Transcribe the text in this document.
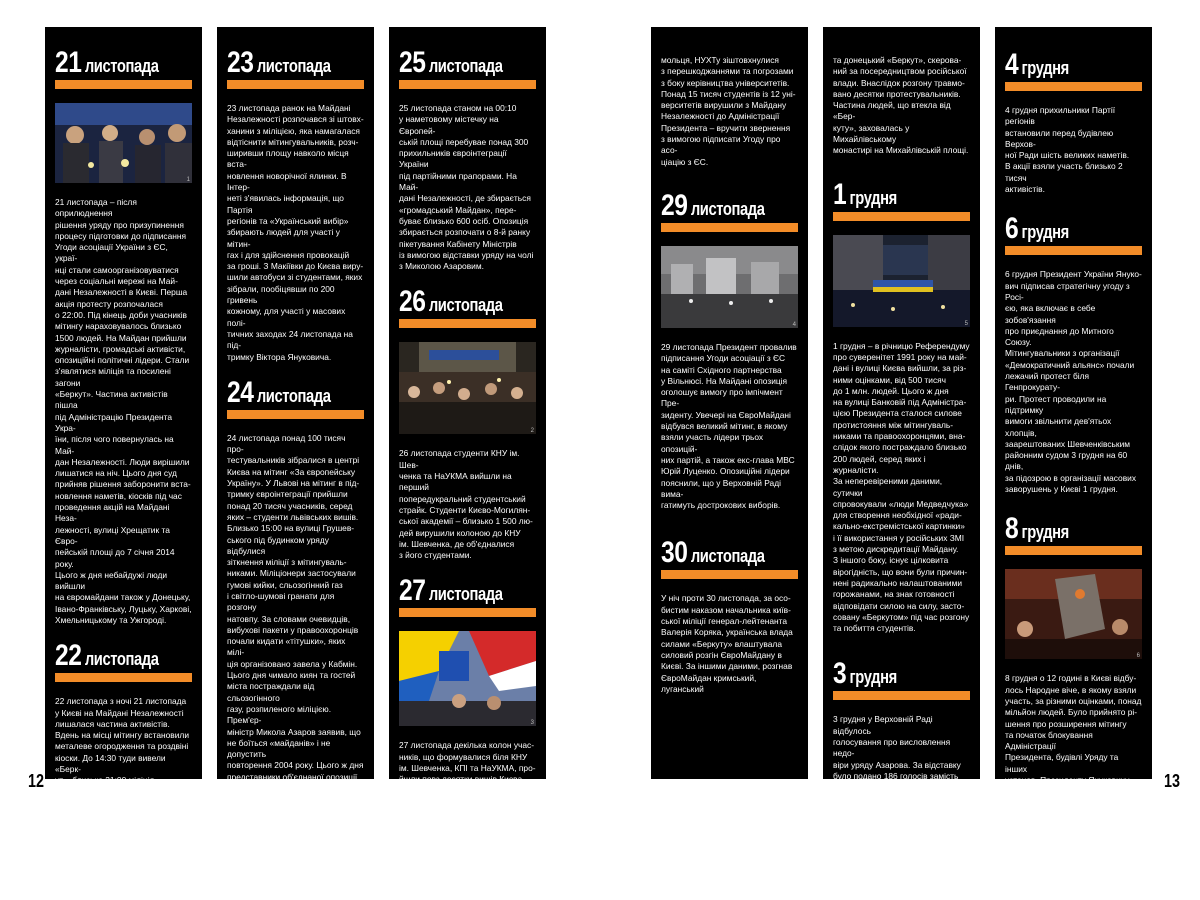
21 листопада
1

21 листопада – після оприлюднення
рішення уряду про призупинення
процесу підготовки до підписання
Угоди асоціації України з ЄС, украї-
нці стали самоорганізовуватися
через соціальні мережі на Май-
дані Незалежності в Києві. Перша
акція протесту розпочалася
о 22:00. Під кінець доби учасників
мітингу нараховувалось близько
1500 людей. На Майдан прийшли
журналісти, громадські активісти,
опозиційні політичні лідери. Стали
з'являтися міліція та посилені загони
«Беркут». Частина активістів пішла
під Адміністрацію Президента Укра-
їни, після чого повернулась на Май-
дан Незалежності. Люди вирішили
лишатися на ніч. Цього дня суд
прийняв рішення заборонити вста-
новлення наметів, кіосків під час
проведення акцій на Майдані Неза-
лежності, вулиці Хрещатик та Євро-
пейській площі до 7 січня 2014 року.
Цього ж дня небайдужі люди вийшли
на євромайдани також у Донецьку,
Івано-Франківську, Луцьку, Харкові,
Хмельницькому та Ужгороді.

22 листопада

22 листопада з ночі 21 листопада
у Києві на Майдані Незалежності
лишалася частина активістів.
Вдень на місці мітингу встановили
металеве огородження та роздвіні
кіоски. До 14:30 туди вивели «Берк-
ут», близько 21:00 міліція перешко-
дила спробі активістів встановити
намети, через що відбулися сутички.
Увечері відбувся мітинг, на який
зібралося близько 5 тисяч людей.
Цього дня євромайдани відбулися
також у Одесі, Вінниці, Миколаєві,
Донецьку, Кривому Розі, Сумах,
Харкові та Чернівцях.

23 листопада

23 листопада ранок на Майдані
Незалежності розпочався зі штовх-
ханини з міліцією, яка намагалася
відтіснити мітингувальників, розч-
ширивши площу навколо місця вста-
новлення новорічної ялинки. В Інтер-
неті з'явилась інформація, що Партія
регіонів та «Український вибір»
збирають людей для участі у мітин-
гах і для здійснення провокацій
за гроші. З Макіївки до Києва виру-
шили автобуси зі студентами, яких
зібрали, пообіцявши по 200 гривень
кожному, для участі у масових полі-
тичних заходах 24 листопада на під-
тримку Віктора Януковича.

24 листопада

24 листопада понад 100 тисяч про-
тестувальників зібралися в центрі
Києва на мітинг «За європейську
Україну». У Львові на мітинг в під-
тримку євроінтеграції прийшли
понад 20 тисяч учасників, серед
яких – студенти львівських вишів.
Близько 15:00 на вулиці Грушев-
ського під будинком уряду відбулися
зіткнення міліції з мітингуваль-
никами. Міліціонери застосували
гумові кийки, сльозогінний газ
і світло-шумові гранати для розгону
натовпу. За словами очевидців,
вибухові пакети у правоохоронців
почали кидати «тітушки», яких мілі-
ція організовано завела у Кабмін.
Цього дня чимало киян та гостей
міста постраждали від сльозогінного
газу, розпиленого міліцією. Прем'єр-
міністр Микола Азаров заявив, що
не боїться «майданів» і не допустить
повторення 2004 року. Цього ж дня
представники об'єднаної опозиції
встановили 15 армійських брезенто-
вих наметів і 20 тентів «Штабу Євро-
пейського Майдану» на Європей-
ській площі в Києві – попри рішення
Київського окружного адмінсуду
про заборону встановлення МАФів
в центрі Києва.

25 листопада

25 листопада станом на 00:10
у наметовому містечку на Європей-
ській площі перебувае понад 300
прихильників євроінтеграції України
під партійними прапорами. На Май-
дані Незалежності, де збирається
«громадський Майдан», пере-
буває близько 600 осіб. Опозиція
збирається розпочати о 8-й ранку
пікетування Кабінету Міністрів
із вимогою відставки уряду на чолі
з Миколою Азаровим.

26 листопада
2

26 листопада студенти КНУ ім. Шев-
ченка та НаУКМА вийшли на перший
попередукральний студентський
страйк. Студенти Києво-Могилян-
ської академії – близько 1 500 лю-
дей вирушили колоною до КНУ
ім. Шевченка, де об'єдналися
з його студентами.

27 листопада
3

27 листопада декілька колон учас-
ників, що формувалися біля КНУ
ім. Шевченка, КПІ та НаУКМА, про-
йшли повз десятки вишів Києва,
закликаючи студентів виходити на
страйк. Всі колони вийшли на Євро-
майдан. Студенти ЮТУ НМУ ім. Бого-

12

мольця, НУХТу зіштовхнулися
з перешкоджаннями та погрозами
з боку керівництва університетів.
Понад 15 тисяч студентів із 12 уні-
верситетів вирушили з Майдану
Незалежності до Адміністрації
Президента – вручити звернення
з вимогою підписати Угоду про асо-
ціацію з ЄС.

29 листопада
4

29 листопада Президент провалив
підписання Угоди асоціації з ЄС
на саміті Східного партнерства
у Вільнюсі. На Майдані опозиція
оголошує вимогу про імпічмент Пре-
зиденту. Увечері на ЄвроМайдані
відбувся великий мітинг, в якому
взяли участь лідери трьох опозицій-
них партій, а також екс-глава МВС
Юрій Луценко. Опозиційні лідери
пояснили, що у Верховній Раді вима-
гатимуть дострокових виборів.

30 листопада

У ніч проти 30 листопада, за осо-
бистим наказом начальника київ-
ської міліції генерал-лейтенанта
Валерія Коряка, українська влада
силами «Беркуту» влаштувала
силовий розгін ЄвроМайдану в
Києві. За іншими даними, розгнав
ЄвроМайдан кримський, луганський

та донецький «Беркут», скерова-
ний за посередництвом російської
влади. Внаслідок розгону травмо-
вано десятки протестувальників.
Частина людей, що втекла від «Бер-
куту», заховалась у Михайлівському
монастирі на Михайлівській площі.

1 грудня
5

1 грудня – в річницю Референдуму
про суверенітет 1991 року на май-
дані і вулиці Києва вийшли, за різ-
ними оцінками, від 500 тисяч
до 1 млн. людей. Цього ж дня
на вулиці Банковій під Адміністра-
цією Президента сталося силове
протистояння між мітингуваль-
никами та правоохоронцями, вна-
слідок якого постраждало близько
200 людей, серед яких і журналісти.
За неперевіреними даними, сутички
спровокували «люди Медведчука»
для створення необхідної «ради-
кально-екстремістської картинки»
і її використання у російських ЗМІ
з метою дискредитації Майдану.
З іншого боку, існує цілковита
вірогідність, що вони були причин-
нені радикально налаштованими
горожанами, на знак готовності
відповідати силою на силу, засто-
совану «Беркутом» під час розгону
та побиття студентів.

3 грудня

3 грудня у Верховній Раді відбулось
голосування про висловлення недо-
віри уряду Азарова. За відставку
було подано 186 голосів замість
необхідних 226. Рішення про від-
ставку прийняте не було.

4 грудня

4 грудня прихильники Партії регіонів
встановили перед будівлею Верхов-
ної Ради шість великих наметів.
В акції взяли участь близько 2 тисяч
активістів.

6 грудня

6 грудня Президент України Януко-
вич підписав стратегічну угоду з Росі-
єю, яка включає в себе зобов'язання
про приєднання до Митного Союзу.
Мітингувальники з організації
«Демократичний альянс» почали
лежачий протест біля Генпрокурату-
ри. Протест проводили на підтримку
вимоги звільнити дев'ятьох хлопців,
заарештованих Шевченківським
районним судом 3 грудня на 60 днів,
за підозрою в організації масових
заворушень у Києві 1 грудня.

8 грудня
6

8 грудня о 12 годині в Києві відбу-
лось Народне віче, в якому взяли
участь, за різними оцінками, понад
мільйон людей. Було прийнято рі-
шення про розширення мітингу
та початок блокування Адміністрації
Президента, будівлі Уряду та інших
установ. Президенту Януковичу
висунули ультиматум із загрозою
розпочати похід на резиденцію
«Межигір'я». Цього ж дня в Києві
протестувальниками був знесений
пам'ятник Леніну. В урядовому квар-
талі міста почали зводити барикади.

13
